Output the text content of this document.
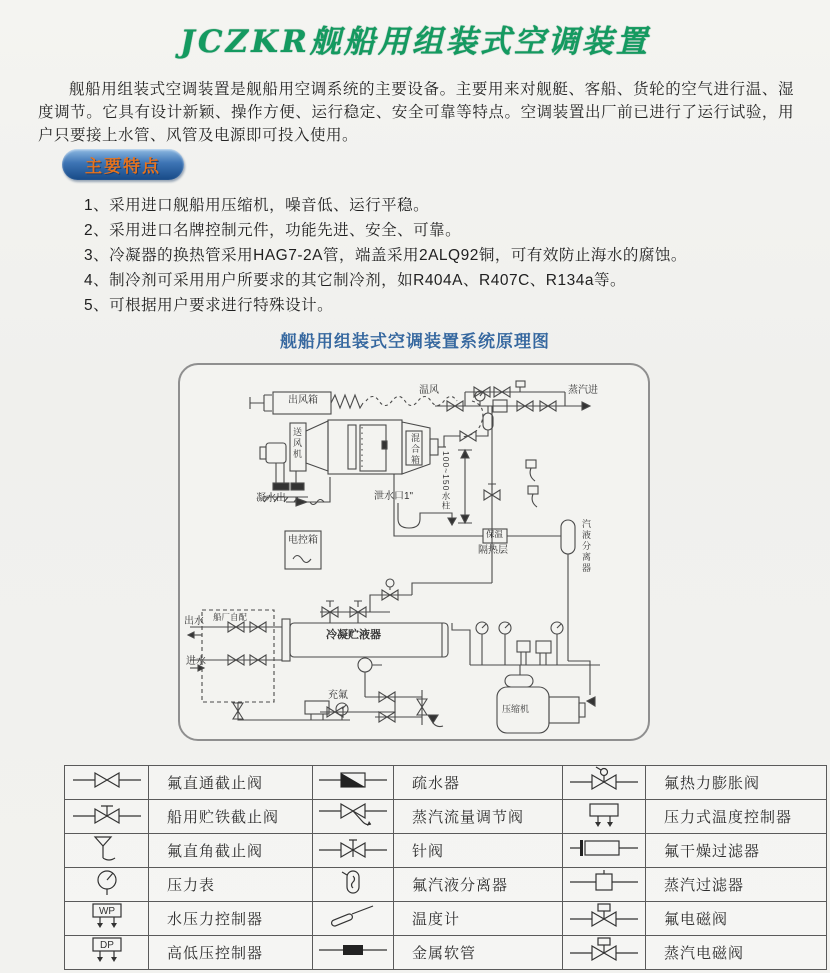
JCZKR舰船用组装式空调装置
舰船用组装式空调装置是舰船用空调系统的主要设备。主要用来对舰艇、客船、货轮的空气进行温、湿度调节。它具有设计新颖、操作方便、运行稳定、安全可靠等特点。空调装置出厂前已进行了运行试验，用户只要接上水管、风管及电源即可投入使用。
主要特点
1、采用进口舰船用压缩机，噪音低、运行平稳。
2、采用进口名牌控制元件，功能先进、安全、可靠。
3、冷凝器的换热管采用HAG7-2A管，端盖采用2ALQ92铜，可有效防止海水的腐蚀。
4、制冷剂可采用用户所要求的其它制冷剂，如R404A、R407C、R134a等。
5、可根据用户要求进行特殊设计。
舰船用组装式空调装置系统原理图
出风箱
送风机	混合箱
温风	蒸汽进
凝水出	泄水口1"	100~150水柱
电控箱
保温
隔热层	汽液分离器
船厂自配
出水
进水
冷凝贮液器
充氟
压缩机
	氟直通截止阀		疏水器		氟热力膨胀阀
	船用贮铁截止阀		蒸汽流量调节阀		压力式温度控制器
	氟直角截止阀		针阀		氟干燥过滤器
	压力表		氟汽液分离器		蒸汽过滤器

WP	水压力控制器		温度计		氟电磁阀

DP	高低压控制器		金属软管		蒸汽电磁阀
